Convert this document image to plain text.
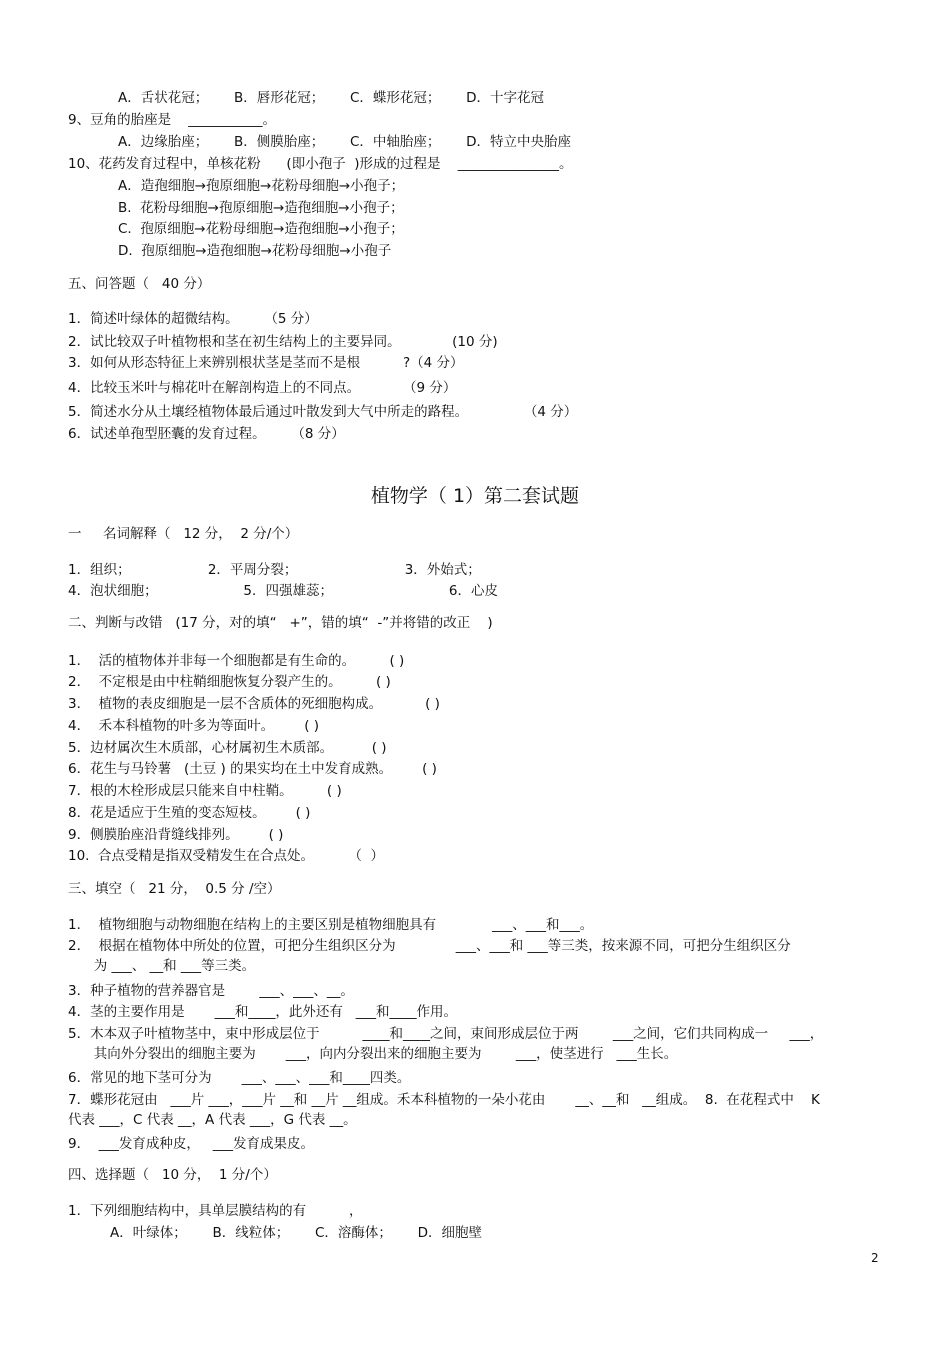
A．舌状花冠；      B．唇形花冠；      C．蝶形花冠；      D．十字花冠
9、豆角的胎座是    ___________。
A．边缘胎座；      B．侧膜胎座；      C．中轴胎座；      D．特立中央胎座
10、花药发育过程中，单核花粉      (即小孢子  )形成的过程是    _______________。
A．造孢细胞→孢原细胞→花粉母细胞→小孢子；
B.  花粉母细胞→孢原细胞→造孢细胞→小孢子；
C.  孢原细胞→花粉母细胞→造孢细胞→小孢子；
D.  孢原细胞→造孢细胞→花粉母细胞→小孢子
五、问答题（   40 分）
1．简述叶绿体的超微结构。      （5 分）
2．试比较双子叶植物根和茎在初生结构上的主要异同。            (10 分)
3．如何从形态特征上来辨别根状茎是茎而不是根          ?（4 分）
4．比较玉米叶与棉花叶在解剖构造上的不同点。          （9 分）
5．简述水分从土壤经植物体最后通过叶散发到大气中所走的路程。             （4 分）
6．试述单孢型胚囊的发育过程。      （8 分）
植物学（ 1）第二套试题
一     名词解释（   12 分，  2 分/个）
1．组织；                  2．平周分裂；                         3．外始式；
4．泡状细胞；                    5．四强雄蕊；                           6．心皮
二、判断与改错   (17 分，对的填“   +”，错的填“  -”并将错的改正    )
1．  活的植物体并非每一个细胞都是有生命的。        ( )
2．  不定根是由中柱鞘细胞恢复分裂产生的。        ( )
3．  植物的表皮细胞是一层不含质体的死细胞构成。          ( )
4．  禾本科植物的叶多为等面叶。       ( )
5．边材属次生木质部，心材属初生木质部。         ( )
6．花生与马铃薯   (土豆 ) 的果实均在土中发育成熟。       ( )
7．根的木栓形成层只能来自中柱鞘。        ( )
8．花是适应于生殖的变态短枝。       ( )
9．侧膜胎座沿背缝线排列。       ( )
10.  合点受精是指双受精发生在合点处。        （  ）
三、填空（   21 分，  0.5 分 /空）
1．  植物细胞与动物细胞在结构上的主要区别是植物细胞具有             ___、___和___。
2．  根据在植物体中所处的位置，可把分生组织区分为              ___、___和 ___等三类，按来源不同，可把分生组织区分
为 ___、 __和 ___等三类。
3．种子植物的营养器官是        ___、___、__。
4．茎的主要作用是       ___和____，此外还有   ___和____作用。
5．木本双子叶植物茎中，束中形成层位于          ____和____之间，束间形成层位于两        ___之间，它们共同构成一     ___，
其向外分裂出的细胞主要为       ___，向内分裂出来的细胞主要为        ___，使茎进行   ___生长。
6．常见的地下茎可分为       ___、___、___和____四类。
7．蝶形花冠由   ___片 ___，___片 __和 __片 __组成。禾本科植物的一朵小花由       __、__和   __组成。  8.  在花程式中    K
代表 ___，C 代表 __，A 代表 ___，G 代表 __。
9．  ___发育成种皮，   ___发育成果皮。
四、选择题（   10 分，  1 分/个）
1．下列细胞结构中，具单层膜结构的有          ，
A．叶绿体；      B．线粒体；      C．溶酶体；      D．细胞壁
2
